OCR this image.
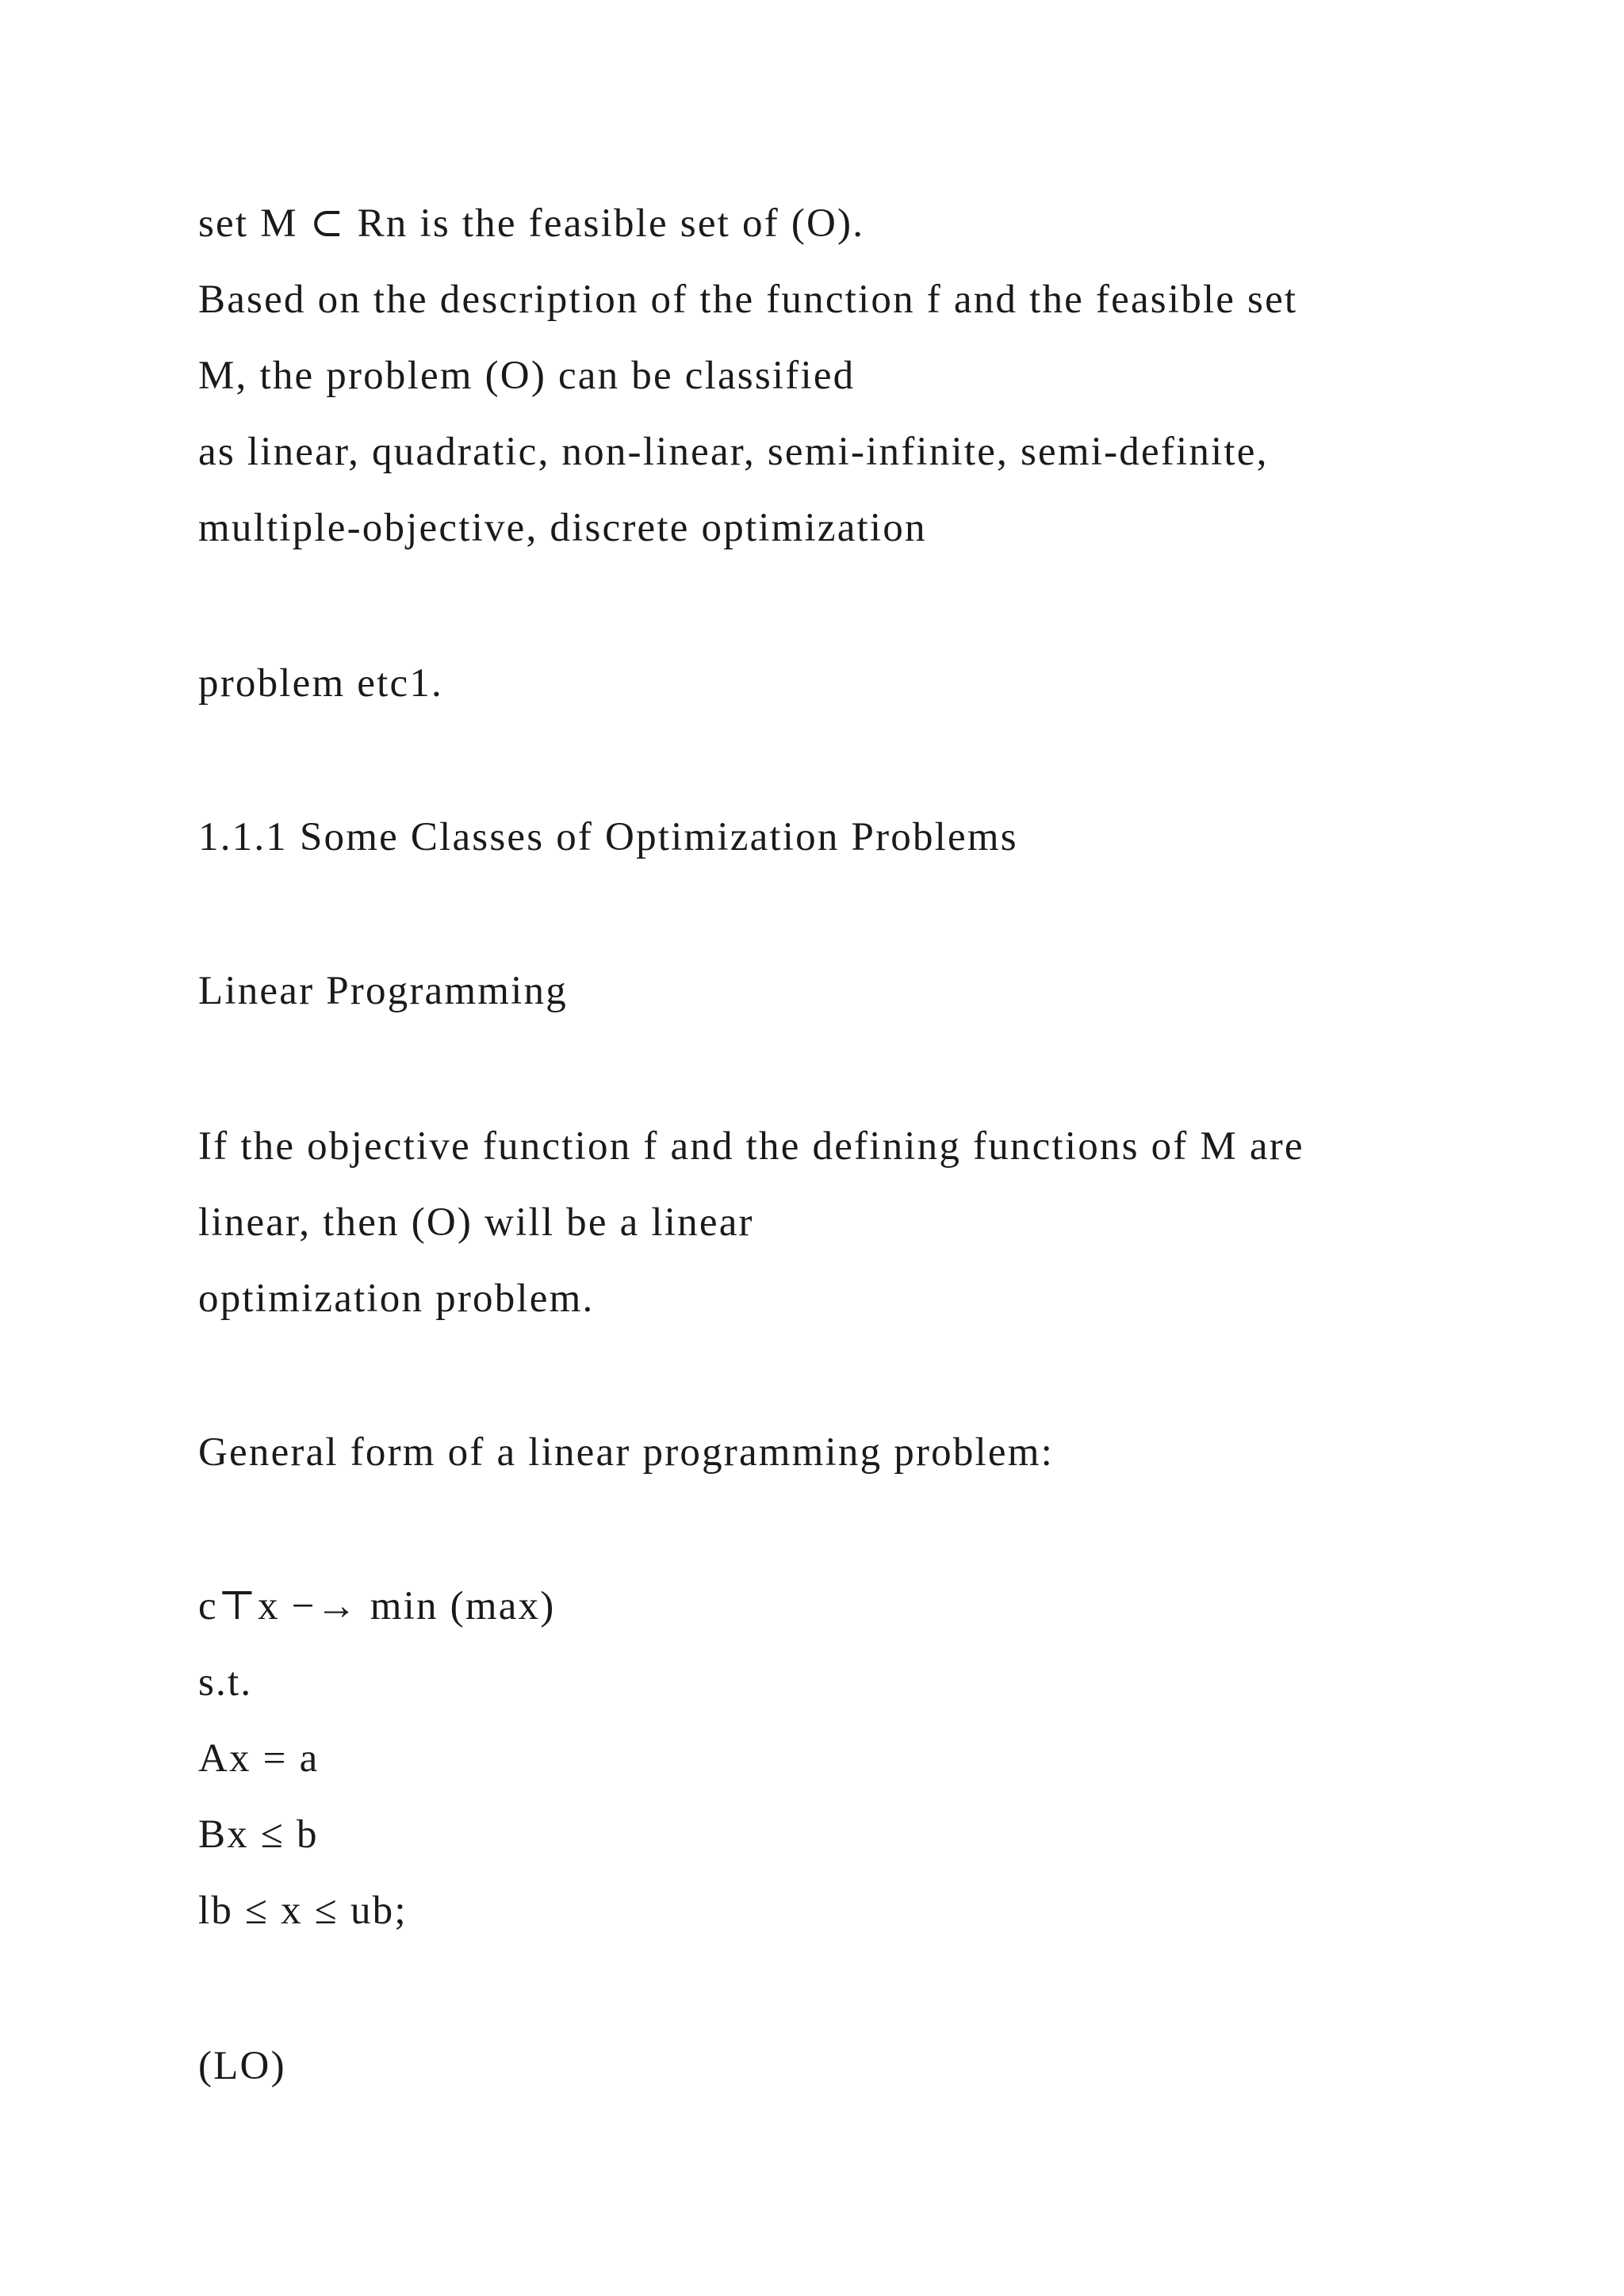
set M ⊂ Rn is the feasible set of (O).

Based on the description of the function f and the feasible set

M, the problem (O) can be classified

as linear, quadratic, non-linear, semi-infinite, semi-definite,

multiple-objective, discrete optimization

problem etc1.

1.1.1 Some Classes of Optimization Problems

Linear Programming

If the objective function f and the defining functions of M are

linear, then (O) will be a linear

optimization problem.

General form of a linear programming problem:

c⊤x −→ min (max)

s.t.

Ax = a

Bx ≤ b

lb ≤ x ≤ ub;

(LO)
